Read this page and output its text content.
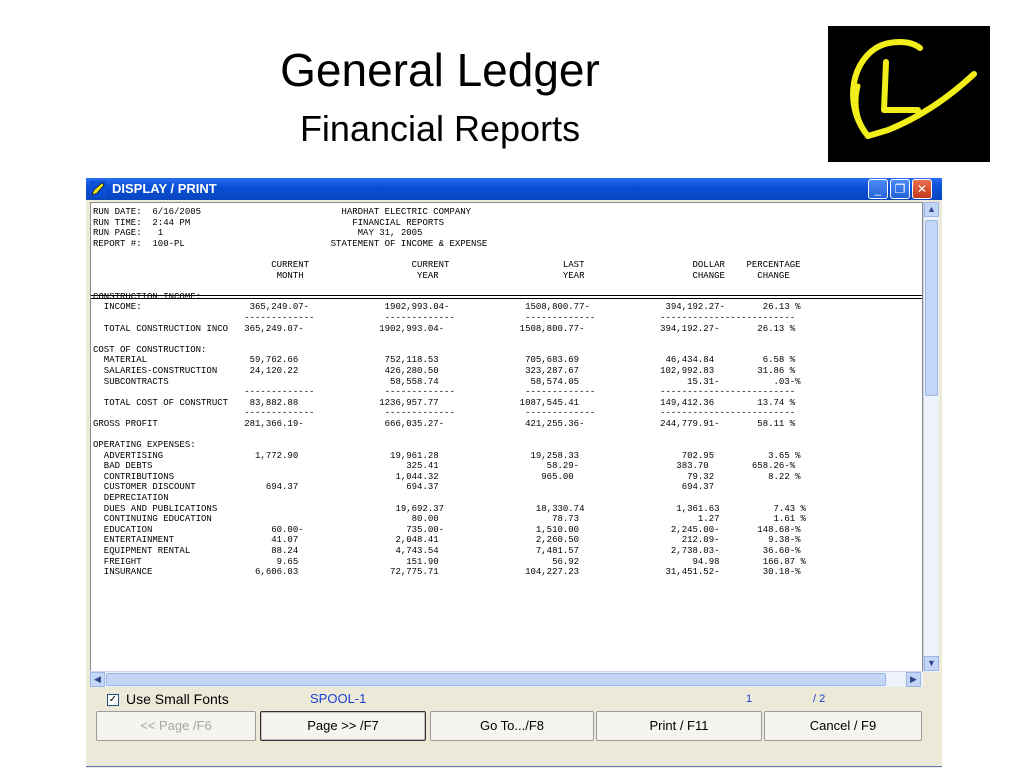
General Ledger
Financial Reports
DISPLAY / PRINT	_	❐ ✕
RUN DATE:  6/16/2005                          HARDHAT ELECTRIC COMPANY
RUN TIME:  2:44 PM                              FINANCIAL REPORTS
RUN PAGE:   1                                    MAY 31, 2005
REPORT #:  100-PL                           STATEMENT OF INCOME & EXPENSE

CURRENT                   CURRENT                     LAST                    DOLLAR    PERCENTAGE
MONTH                     YEAR                       YEAR                    CHANGE      CHANGE

CONSTRUCTION INCOME:
INCOME:                    365,249.07-              1902,993.04-              1508,800.77-              394,192.27-       26.13 %
-------------             -------------             -------------            -------------------------
TOTAL CONSTRUCTION INCO   365,249.07-              1902,993.04-              1508,800.77-              394,192.27-       26.13 %

COST OF CONSTRUCTION:
MATERIAL                   59,762.66                752,118.53                705,683.69                46,434.84         6.58 %
SALARIES-CONSTRUCTION      24,120.22                426,280.50                323,287.67               102,992.83        31.86 %
SUBCONTRACTS                                         58,558.74                 58,574.05                    15.31-          .03-%
-------------             -------------             -------------            -------------------------
TOTAL COST OF CONSTRUCT    83,882.88               1236,957.77               1087,545.41               149,412.36        13.74 %
-------------             -------------             -------------            -------------------------
GROSS PROFIT                281,366.19-               666,035.27-               421,255.36-              244,779.91-       58.11 %

OPERATING EXPENSES:
ADVERTISING                 1,772.90                 19,961.28                 19,258.33                   702.95          3.65 %
BAD DEBTS                                               325.41                    58.29-                  383.70        658.26-%
CONTRIBUTIONS                                         1,044.32                   965.00                     79.32          8.22 %
CUSTOMER DISCOUNT             694.37                    694.37                                             694.37
DEPRECIATION
DUES AND PUBLICATIONS                                 19,692.37                 18,330.74                 1,361.63          7.43 %
CONTINUING EDUCATION                                     80.00                     78.73                      1.27          1.61 %
EDUCATION                      60.00-                   735.00-                 1,510.00                 2,245.00-       148.68-%
ENTERTAINMENT                  41.07                  2,048.41                  2,260.50                   212.09-         9.38-%
EQUIPMENT RENTAL               88.24                  4,743.54                  7,481.57                 2,738.03-        36.60-%
FREIGHT                         9.65                    151.90                     56.92                     94.98        166.87 %
INSURANCE                   6,606.03                 72,775.71                104,227.23                31,451.52-        30.18-%

▲
▼
◀	▶
✓ Use Small Fonts	SPOOL-1	1	/ 2
<< Page /F6	Page >> /F7	Go To.../F8	Print / F11	Cancel / F9
